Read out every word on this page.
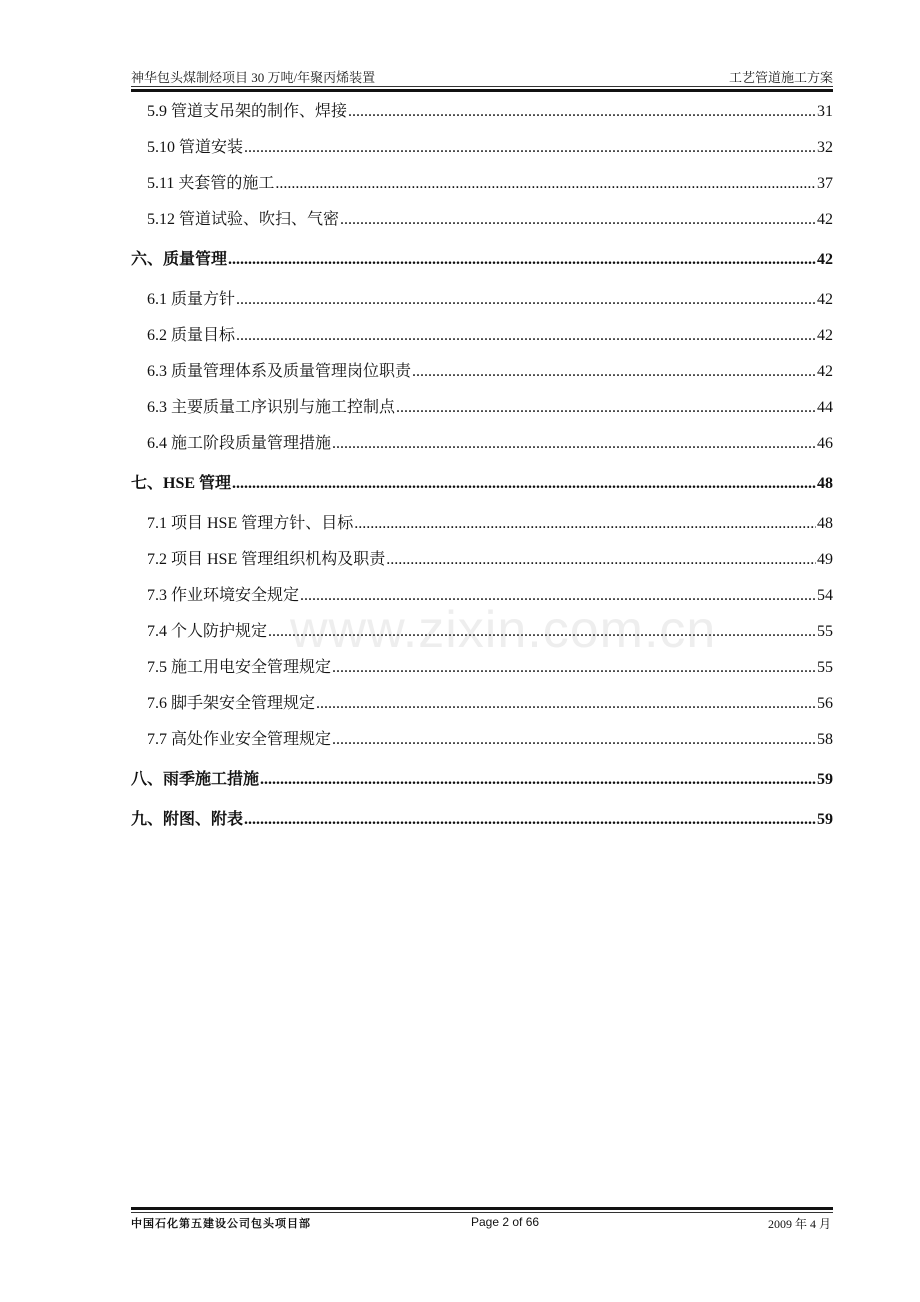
神华包头煤制烃项目 30 万吨/年聚丙烯装置	工艺管道施工方案
5.9 管道支吊架的制作、焊接 .....	31
5.10 管道安装 .....	32
5.11 夹套管的施工 .....	37
5.12 管道试验、吹扫、气密 .....	42
六、质量管理 .....	42
6.1 质量方针 .....	42
6.2 质量目标 .....	42
6.3 质量管理体系及质量管理岗位职责 .....	42
6.3 主要质量工序识别与施工控制点 .....	44
6.4 施工阶段质量管理措施 .....	46
七、HSE 管理 .....	48
7.1 项目 HSE 管理方针、目标 .....	48
7.2 项目 HSE 管理组织机构及职责 .....	49
7.3 作业环境安全规定 .....	54
7.4 个人防护规定 .....	55
7.5 施工用电安全管理规定 .....	55
7.6 脚手架安全管理规定 .....	56
7.7 高处作业安全管理规定 .....	58
八、雨季施工措施 .....	59
九、附图、附表 .....	59
www.zixin.com.cn
中国石化第五建设公司包头项目部	Page 2 of 66	2009 年 4 月
